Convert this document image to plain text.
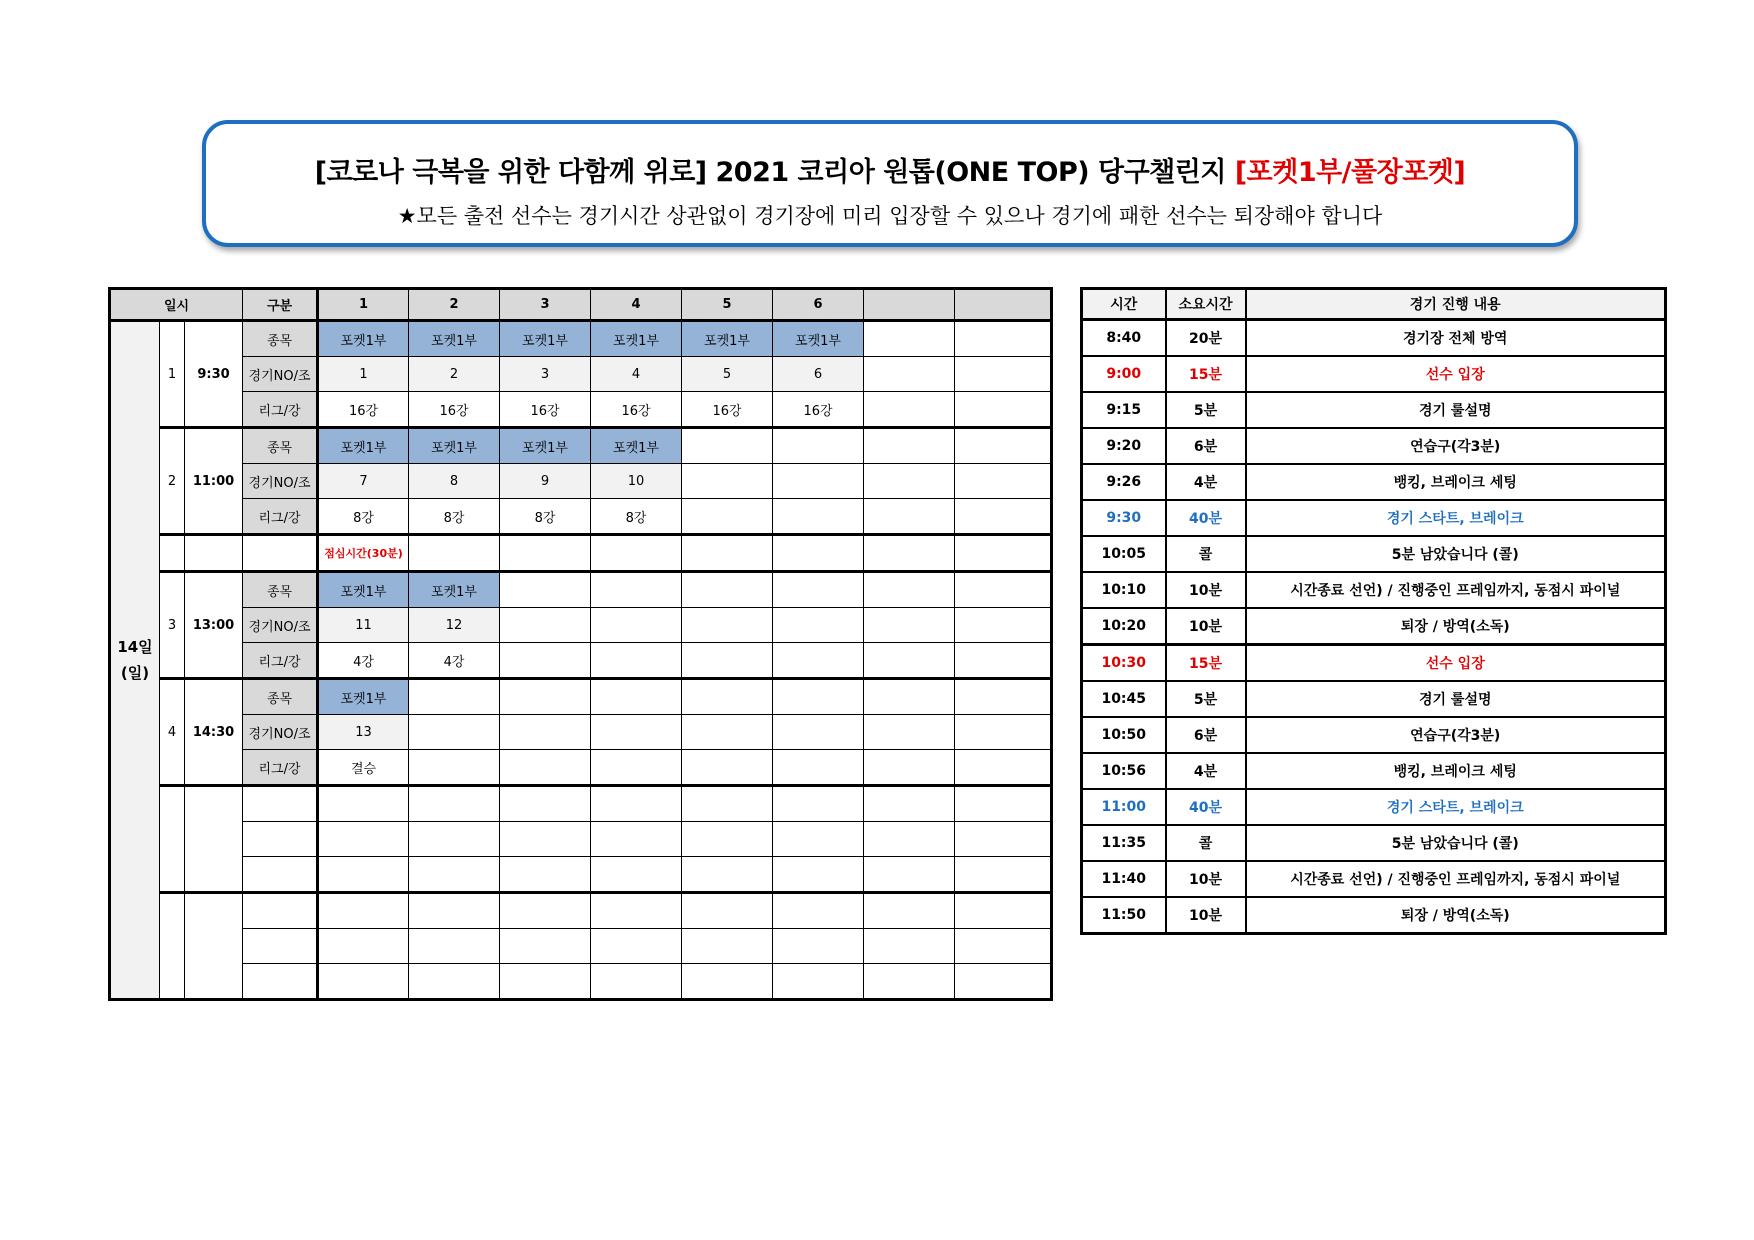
[코로나 극복을 위한 다함께 위로] 2021 코리아 원톱(ONE TOP) 당구챌린지 [포켓1부/풀장포켓]
★모든 출전 선수는 경기시간 상관없이 경기장에 미리 입장할 수 있으나 경기에 패한 선수는 퇴장해야 합니다
일시			구분	1	2	3	4	5	6		

14일
(일)	1	9:30	종목	포켓1부	포켓1부	포켓1부	포켓1부	포켓1부	포켓1부		
			경기NO/조	1	2	3	4	5	6		
			리그/강	16강	16강	16강	16강	16강	16강		
	2	11:00	종목	포켓1부	포켓1부	포켓1부	포켓1부				
			경기NO/조	7	8	9	10				
			리그/강	8강	8강	8강	8강				
				점심시간(30분)							
	3	13:00	종목	포켓1부	포켓1부						
			경기NO/조	11	12						
			리그/강	4강	4강						
	4	14:30	종목	포켓1부							
			경기NO/조	13							
			리그/강	결승							

시간	소요시간	경기 진행 내용
8:40	20분	경기장 전체 방역
9:00	15분	선수 입장
9:15	5분	경기 룰설명
9:20	6분	연습구(각3분)
9:26	4분	뱅킹, 브레이크 세팅
9:30	40분	경기 스타트, 브레이크
10:05	콜	5분 남았습니다 (콜)
10:10	10분	시간종료 선언) / 진행중인 프레임까지, 동점시 파이널
10:20	10분	퇴장 / 방역(소독)
10:30	15분	선수 입장
10:45	5분	경기 룰설명
10:50	6분	연습구(각3분)
10:56	4분	뱅킹, 브레이크 세팅
11:00	40분	경기 스타트, 브레이크
11:35	콜	5분 남았습니다 (콜)
11:40	10분	시간종료 선언) / 진행중인 프레임까지, 동점시 파이널
11:50	10분	퇴장 / 방역(소독)
